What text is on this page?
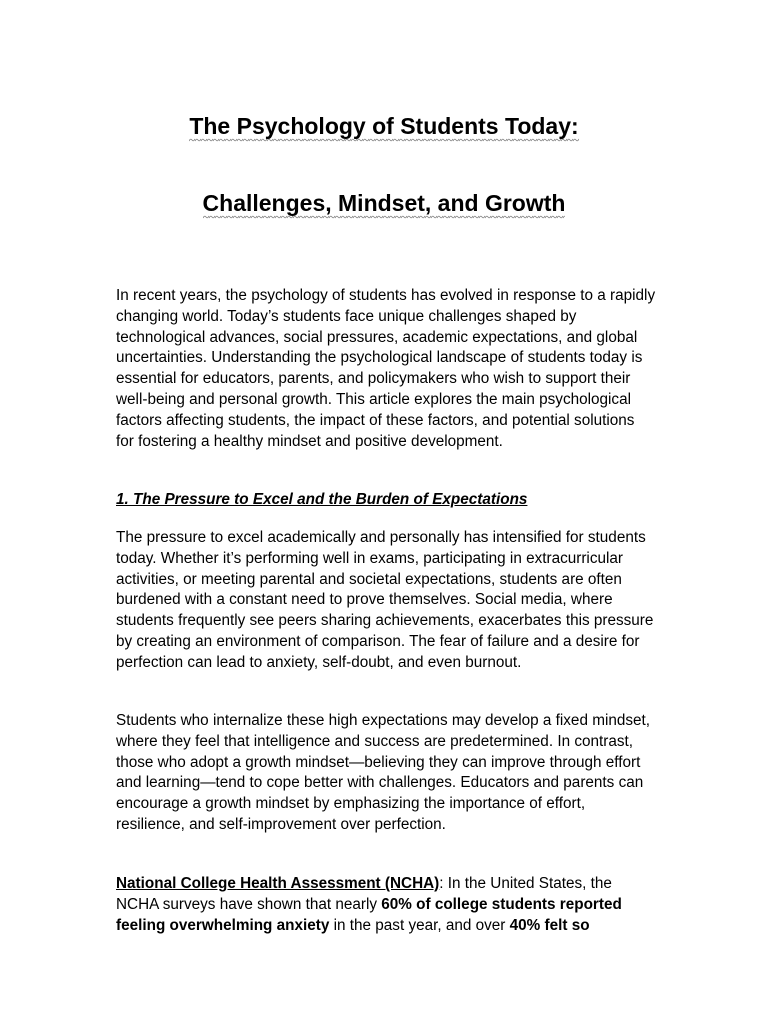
The Psychology of Students Today:
Challenges, Mindset, and Growth
In recent years, the psychology of students has evolved in response to a rapidly changing world. Today’s students face unique challenges shaped by technological advances, social pressures, academic expectations, and global uncertainties. Understanding the psychological landscape of students today is essential for educators, parents, and policymakers who wish to support their well-being and personal growth. This article explores the main psychological factors affecting students, the impact of these factors, and potential solutions for fostering a healthy mindset and positive development.
1. The Pressure to Excel and the Burden of Expectations
The pressure to excel academically and personally has intensified for students today. Whether it’s performing well in exams, participating in extracurricular activities, or meeting parental and societal expectations, students are often burdened with a constant need to prove themselves. Social media, where students frequently see peers sharing achievements, exacerbates this pressure by creating an environment of comparison. The fear of failure and a desire for perfection can lead to anxiety, self-doubt, and even burnout.
Students who internalize these high expectations may develop a fixed mindset, where they feel that intelligence and success are predetermined. In contrast, those who adopt a growth mindset—believing they can improve through effort and learning—tend to cope better with challenges. Educators and parents can encourage a growth mindset by emphasizing the importance of effort, resilience, and self-improvement over perfection.
National College Health Assessment (NCHA): In the United States, the NCHA surveys have shown that nearly 60% of college students reported feeling overwhelming anxiety in the past year, and over 40% felt so
